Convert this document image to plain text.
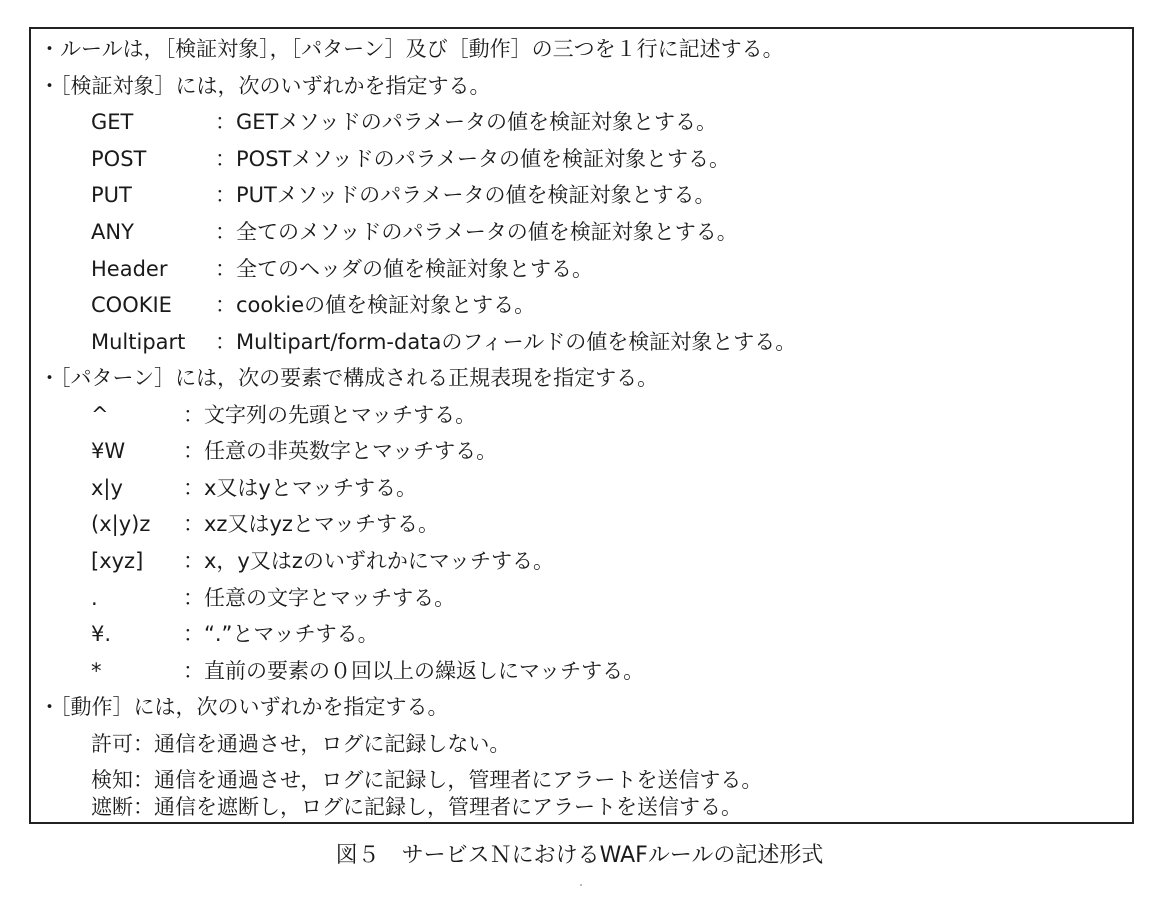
・ルールは，［検証対象］，［パターン］及び［動作］の三つを１行に記述する。
・［検証対象］には，次のいずれかを指定する。
GET	：GETメソッドのパラメータの値を検証対象とする。
POST	：POSTメソッドのパラメータの値を検証対象とする。
PUT	：PUTメソッドのパラメータの値を検証対象とする。
ANY	：全てのメソッドのパラメータの値を検証対象とする。
Header ：全てのヘッダの値を検証対象とする。
COOKIE ：cookieの値を検証対象とする。
Multipart ：Multipart/form-dataのフィールドの値を検証対象とする。
・［パターン］には，次の要素で構成される正規表現を指定する。
^	：文字列の先頭とマッチする。
¥W	：任意の非英数字とマッチする。
x|y	：x又はyとマッチする。
(x|y)z ：xz又はyzとマッチする。
[xyz] ：x，y又はzのいずれかにマッチする。
.	：任意の文字とマッチする。
¥.	：“.”とマッチする。
*	：直前の要素の０回以上の繰返しにマッチする。
・［動作］には，次のいずれかを指定する。
許可：通信を通過させ，ログに記録しない。
検知：通信を通過させ，ログに記録し，管理者にアラートを送信する。
遮断：通信を遮断し，ログに記録し，管理者にアラートを送信する。
図５　サービスＮにおけるWAFルールの記述形式
